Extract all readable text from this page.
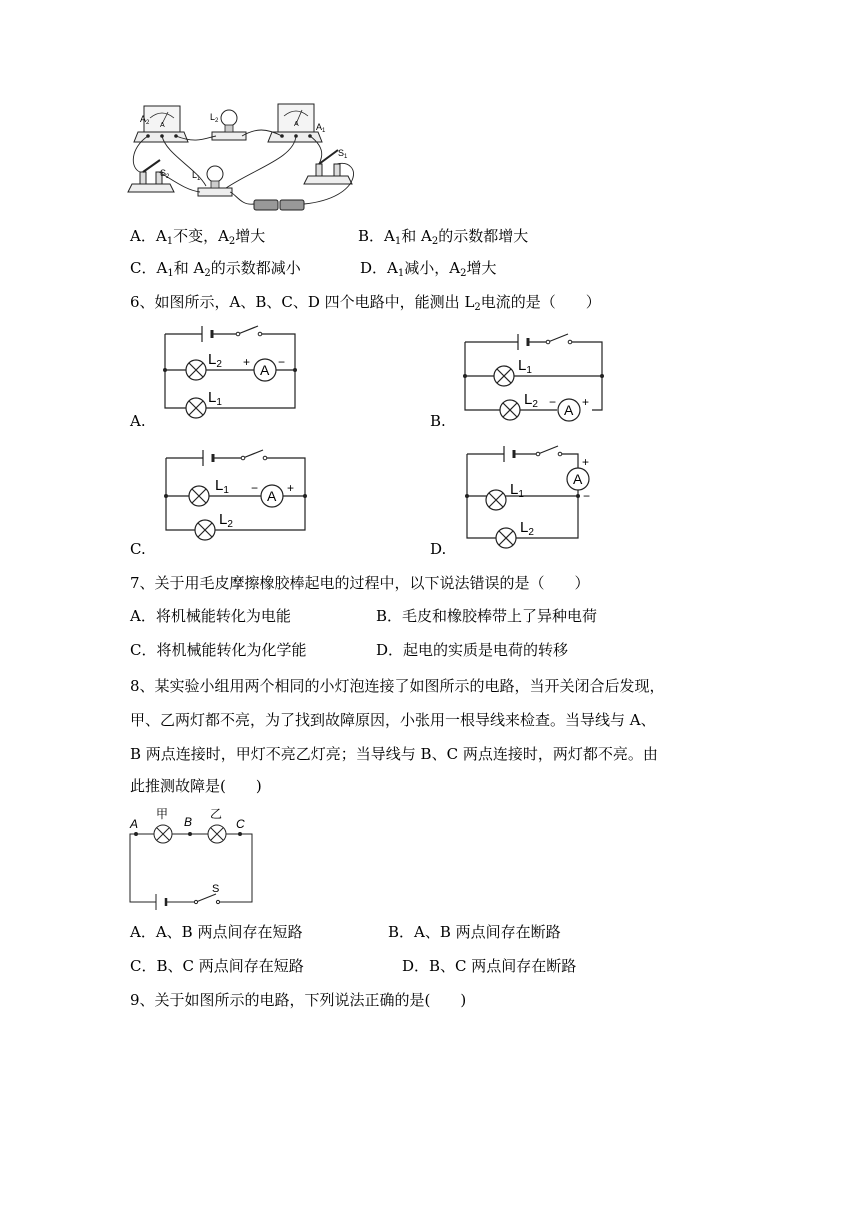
$A_2$ A
$L_2$	A $A_1$
$S_1$
$S_2$	$L_1$
A．$A_1$不变，$A_2$增大	B．$A_1$和 $A_2$的示数都增大
C．$A_1$和 $A_2$的示数都减小	D．$A_1$减小，$A_2$增大
6、如图所示，A、B、C、D 四个电路中，能测出 $L_2$电流的是（　　）
A
+ −
$L_2$
$L_1$
A.
A
− +
$L_1$
$L_2$
B.
A
− +
$L_1$
$L_2$
C.
A
+
−
$L_1$
$L_2$
D.
7、关于用毛皮摩擦橡胶棒起电的过程中，以下说法错误的是（　　）
A．将机械能转化为电能	B．毛皮和橡胶棒带上了异种电荷
C．将机械能转化为化学能	D．起电的实质是电荷的转移
8、某实验小组用两个相同的小灯泡连接了如图所示的电路，当开关闭合后发现，
甲、乙两灯都不亮，为了找到故障原因，小张用一根导线来检查。当导线与 A、
B 两点连接时，甲灯不亮乙灯亮；当导线与 B、C 两点连接时，两灯都不亮。由
此推测故障是(　　)
A	B	C
甲	乙
S
A．A、B 两点间存在短路	B．A、B 两点间存在断路
C．B、C 两点间存在短路	D．B、C 两点间存在断路
9、关于如图所示的电路，下列说法正确的是(　　)
